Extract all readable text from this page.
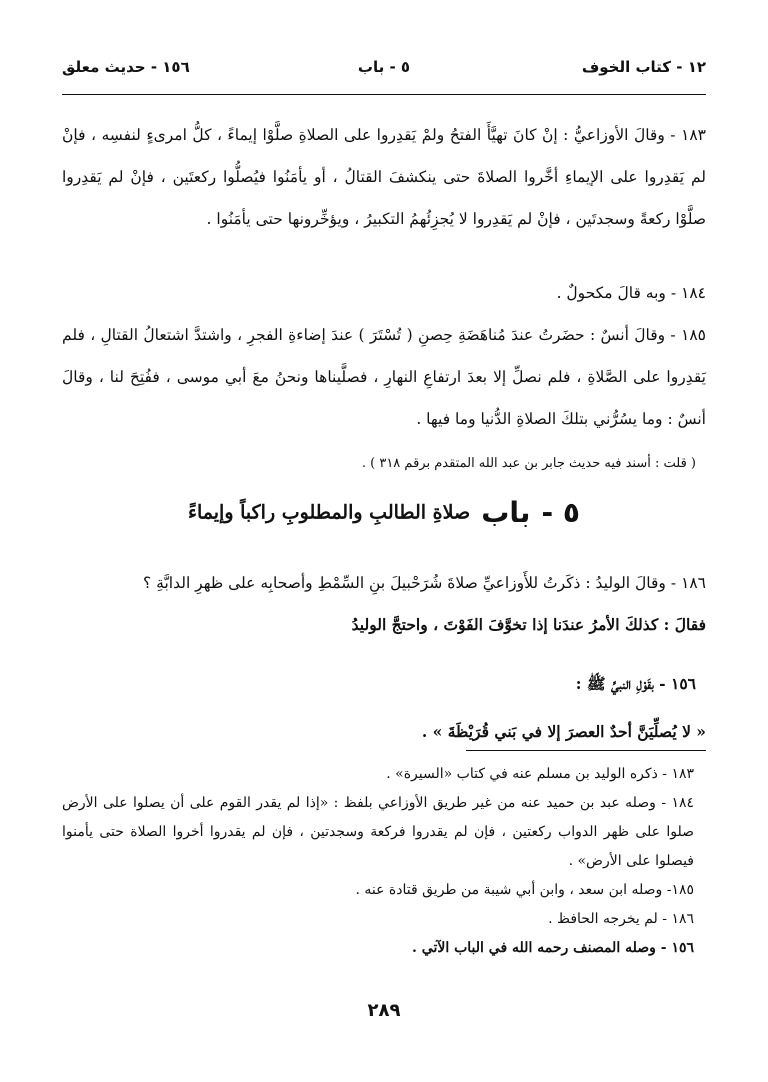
١٢ - كتاب الخوف
٥ - باب
١٥٦ - حديث معلق

١٨٣ - وقالَ الأوزاعيُّ : إنْ كانَ تهيَّأَ الفتحُ ولمْ يَقدِروا على الصلاةِ صلَّوْا إيماءً ، كلُّ امرىءٍ لنفسِه ، فإنْ لم يَقدِروا على الإيماءِ أخَّروا الصلاةَ حتى ينكشفَ القتالُ ، أو يأمَنُوا فيُصلُّوا ركعتَين ، فإنْ لم يَقدِروا صلَّوْا ركعةً وسجدتَين ، فإنْ لم يَقدِروا لا يُجزِئُهمُ التكبيرُ ، ويؤخِّرونها حتى يأمَنُوا .

١٨٤ - وبه قالَ مكحولٌ .

١٨٥ - وقالَ أنسٌ : حضَرتُ عندَ مُناهَضَةِ حِصنِ ( تُسْتَرَ ) عندَ إضاءةِ الفجرِ ، واشتدَّ اشتعالُ القتالِ ، فلم يَقدِروا على الصَّلاةِ ، فلم نصلِّ إلا بعدَ ارتفاعِ النهارِ ، فصلَّيناها ونحنُ معَ أبي موسى ، ففُتِحَ لنا ، وقالَ أنسٌ : وما يسُرُّني بتلكَ الصلاةِ الدُّنيا وما فيها .

( قلت : أسند فيه حديث جابر بن عبد الله المتقدم برقم ٣١٨ ) .
٥ - باب صلاةِ الطالبِ والمطلوبِ راكباً وإيماءً

١٨٦ - وقالَ الوليدُ : ذكَرتُ للأَوزاعيِّ صلاةَ شُرَحْبيلَ بنِ السِّمْطِ وأصحابِه على ظهرِ الدابَّةِ ؟

فقالَ : كذلكَ الأمرُ عندَنا إذا تخوَّفَ الفَوْتَ ، واحتجَّ الوليدُ

١٥٦ - بقَوْلِ النبيِّ ﷺ :

« لا يُصلِّيَنَّ أحدٌ العصرَ إلا في بَني قُرَيْظَةَ » .

١٨٣ - ذكره الوليد بن مسلم عنه في كتاب «السيرة» .

١٨٤ - وصله عبد بن حميد عنه من غير طريق الأوزاعي بلفظ : «إذا لم يقدر القوم على أن يصلوا على الأرض صلوا على ظهر الدواب ركعتين ، فإن لم يقدروا فركعة وسجدتين ، فإن لم يقدروا أخروا الصلاة حتى يأمنوا فيصلوا على الأرض» .

١٨٥- وصله ابن سعد ، وابن أبي شيبة من طريق قتادة عنه .

١٨٦ - لم يخرجه الحافظ .

١٥٦ - وصله المصنف رحمه الله في الباب الآتي .

٢٨٩
